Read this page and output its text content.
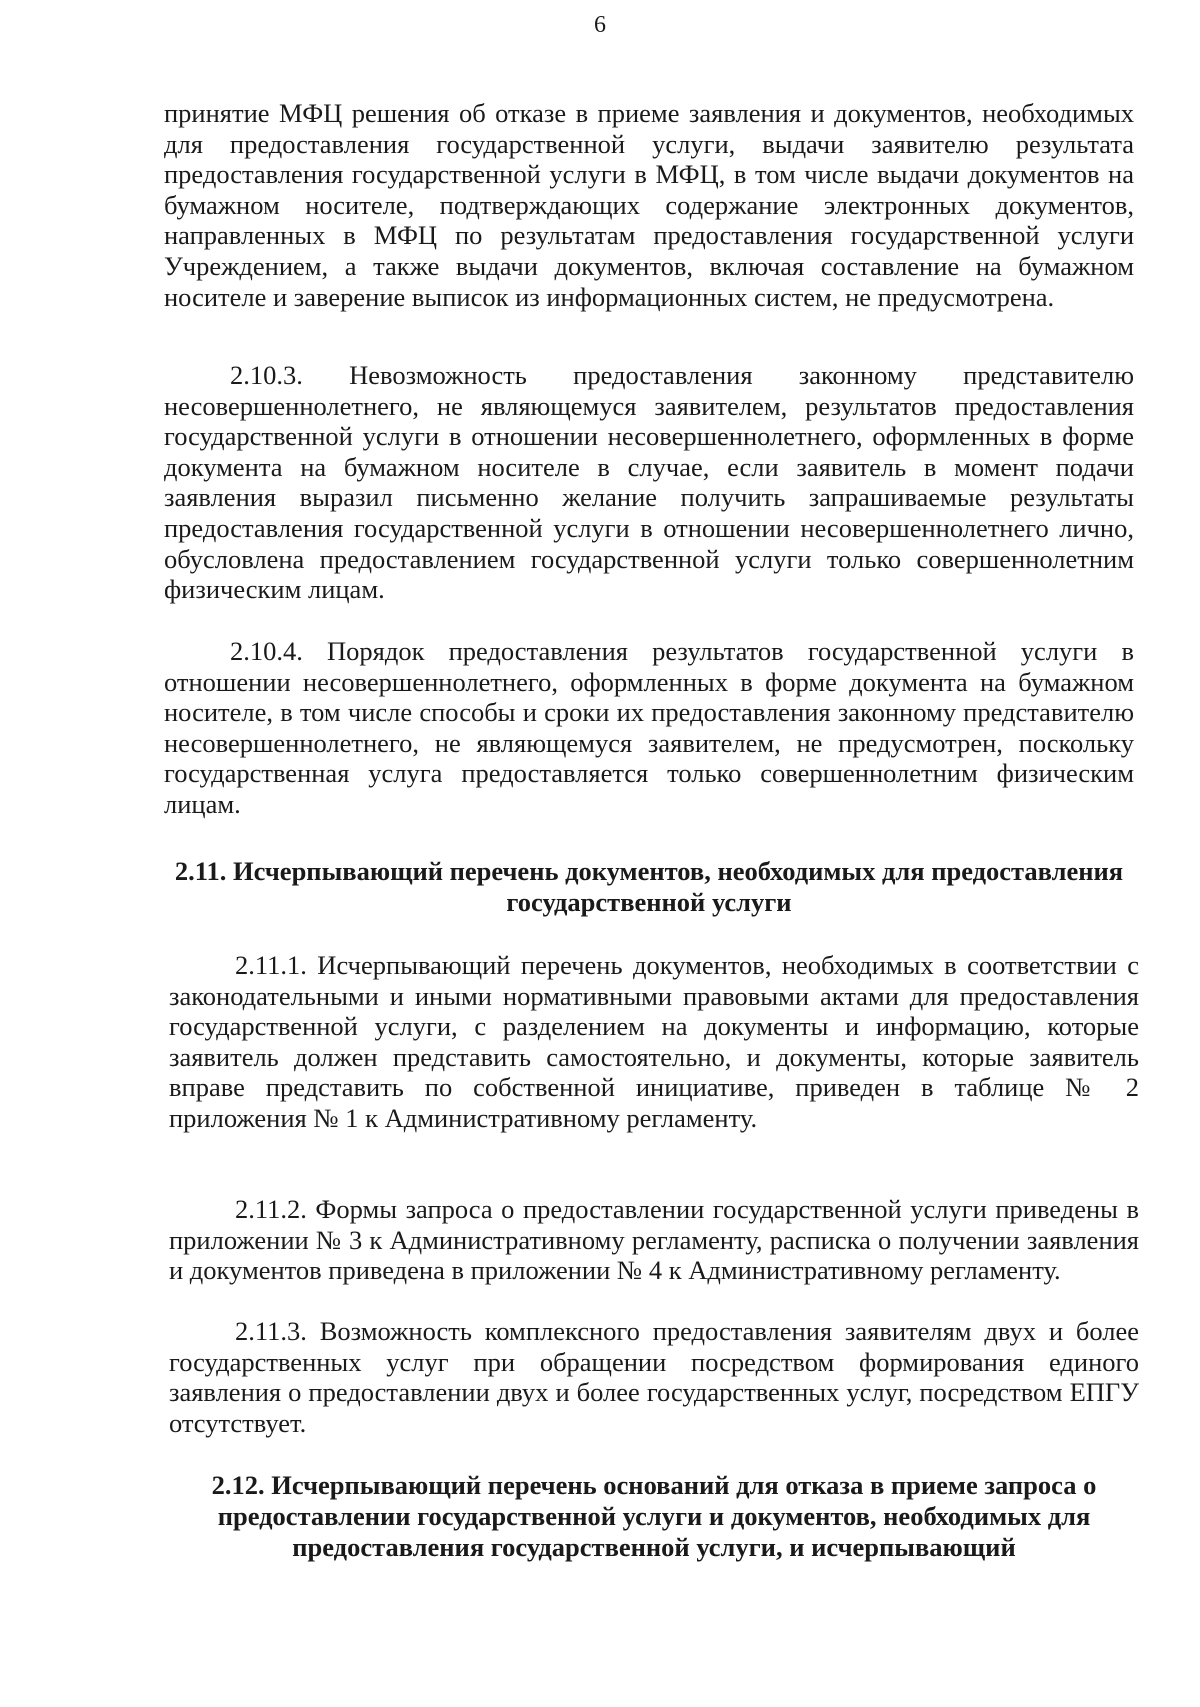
6

принятие МФЦ решения об отказе в приеме заявления и документов, необходимых для предоставления государственной услуги, выдачи заявителю результата предоставления государственной услуги в МФЦ, в том числе выдачи документов на бумажном носителе, подтверждающих содержание электронных документов, направленных в МФЦ по результатам предоставления государственной услуги Учреждением, а также выдачи документов, включая составление на бумажном носителе и заверение выписок из информационных систем, не предусмотрена.

2.10.3. Невозможность предоставления законному представителю несовершеннолетнего, не являющемуся заявителем, результатов предоставления государственной услуги в отношении несовершеннолетнего, оформленных в форме документа на бумажном носителе в случае, если заявитель в момент подачи заявления выразил письменно желание получить запрашиваемые результаты предоставления государственной услуги в отношении несовершеннолетнего лично, обусловлена предоставлением государственной услуги только совершеннолетним физическим лицам.

2.10.4. Порядок предоставления результатов государственной услуги в отношении несовершеннолетнего, оформленных в форме документа на бумажном носителе, в том числе способы и сроки их предоставления законному представителю несовершеннолетнего, не являющемуся заявителем, не предусмотрен, поскольку государственная услуга предоставляется только совершеннолетним физическим лицам.

2.11. Исчерпывающий перечень документов, необходимых для предоставления государственной услуги

2.11.1. Исчерпывающий перечень документов, необходимых в соответствии с законодательными и иными нормативными правовыми актами для предоставления государственной услуги, с разделением на документы и информацию, которые заявитель должен представить самостоятельно, и документы, которые заявитель вправе представить по собственной инициативе, приведен в таблице № 2 приложения № 1 к Административному регламенту.

2.11.2. Формы запроса о предоставлении государственной услуги приведены в приложении № 3 к Административному регламенту, расписка о получении заявления и документов приведена в приложении № 4 к Административному регламенту.

2.11.3. Возможность комплексного предоставления заявителям двух и более государственных услуг при обращении посредством формирования единого заявления о предоставлении двух и более государственных услуг, посредством ЕПГУ отсутствует.

2.12. Исчерпывающий перечень оснований для отказа в приеме запроса о предоставлении государственной услуги и документов, необходимых для предоставления государственной услуги, и исчерпывающий
